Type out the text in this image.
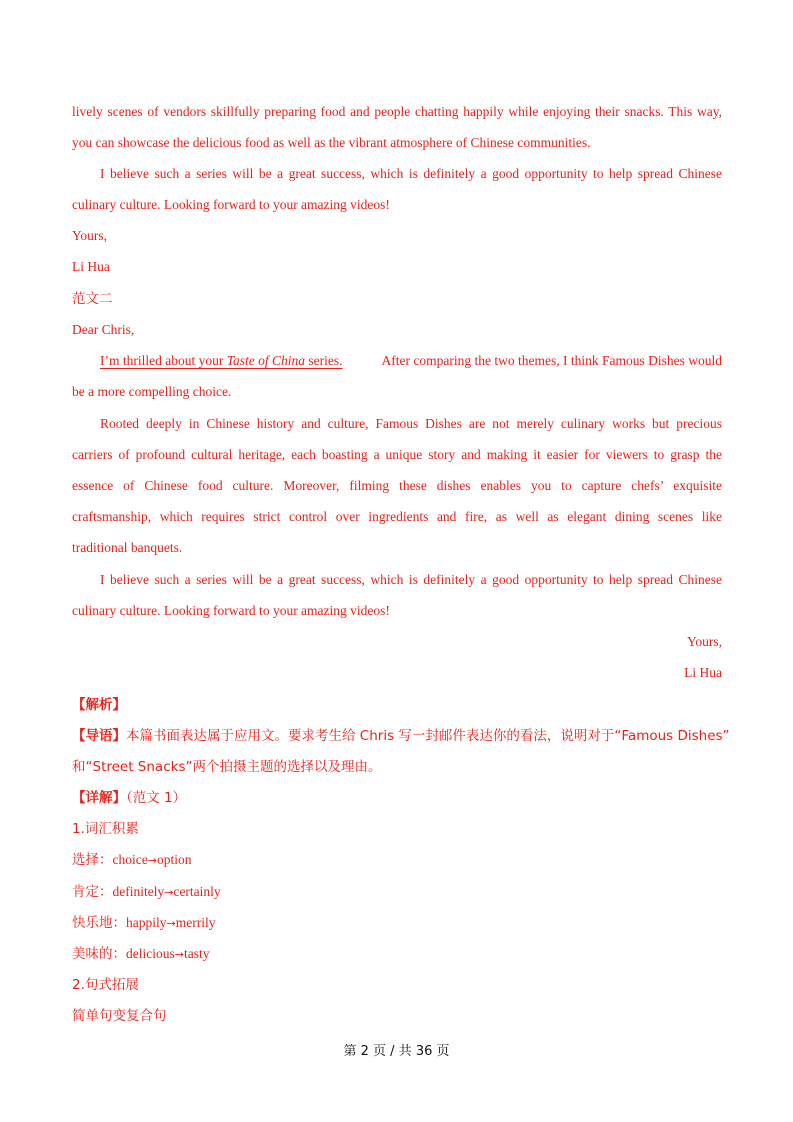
lively scenes of vendors skillfully preparing food and people chatting happily while enjoying their snacks. This way,
you can showcase the delicious food as well as the vibrant atmosphere of Chinese communities.
I believe such a series will be a great success, which is definitely a good opportunity to help spread Chinese
culinary culture. Looking forward to your amazing videos!
Yours,
Li Hua
范文二
Dear Chris,
I’m thrilled about your Taste of China series.	After comparing the two themes, I think Famous Dishes would
be a more compelling choice.
Rooted deeply in Chinese history and culture, Famous Dishes are not merely culinary works but precious
carriers of profound cultural heritage, each boasting a unique story and making it easier for viewers to grasp the
essence of Chinese food culture. Moreover, filming these dishes enables you to capture chefs’ exquisite
craftsmanship, which requires strict control over ingredients and fire, as well as elegant dining scenes like
traditional banquets.
I believe such a series will be a great success, which is definitely a good opportunity to help spread Chinese
culinary culture. Looking forward to your amazing videos!
Yours,
Li Hua
【解析】
【导语】本篇书面表达属于应用文。要求考生给 Chris 写一封邮件表达你的看法，说明对于“Famous Dishes”
和“Street Snacks”两个拍摄主题的选择以及理由。
【详解】（范文 1）
1.词汇积累
选择：choice→option
肯定：definitely→certainly
快乐地：happily→merrily
美味的：delicious→tasty
2.句式拓展
简单句变复合句
第 2 页 / 共 36 页
